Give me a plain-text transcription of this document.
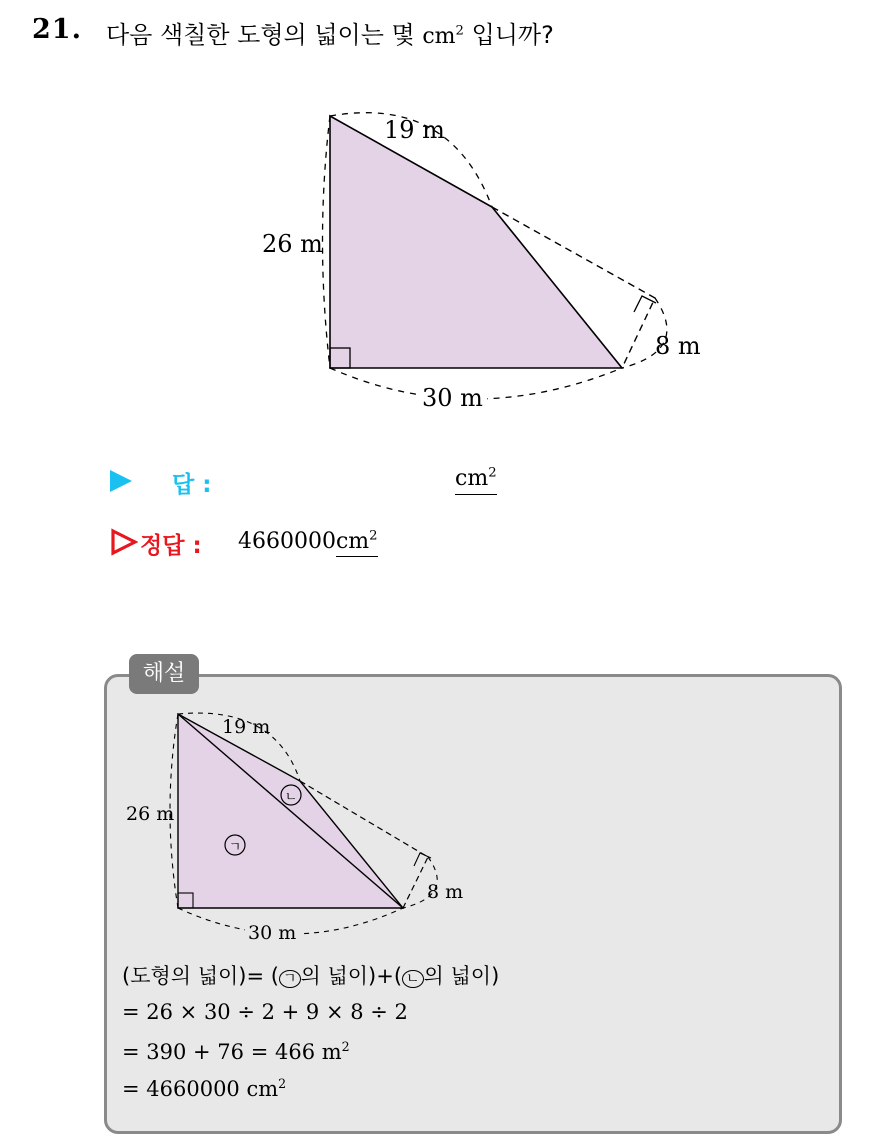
21. 다음 색칠한 도형의 넓이는 몇 $cm^2$ 입니까?
19 m
26 m
8 m
30 m
답 :	$cm^2$
정답 : $4660000cm^2$
해설
19 m
26 m
8 m
30 m
ㄱ
ㄴ
(도형의 넓이)= ( ㄱ 의 넓이)+( ㄴ 의 넓이)
= 26 × 30 ÷ 2 + 9 × 8 ÷ 2
= 390 + 76 = 466 $m^2$
= 4660000 $cm^2$
